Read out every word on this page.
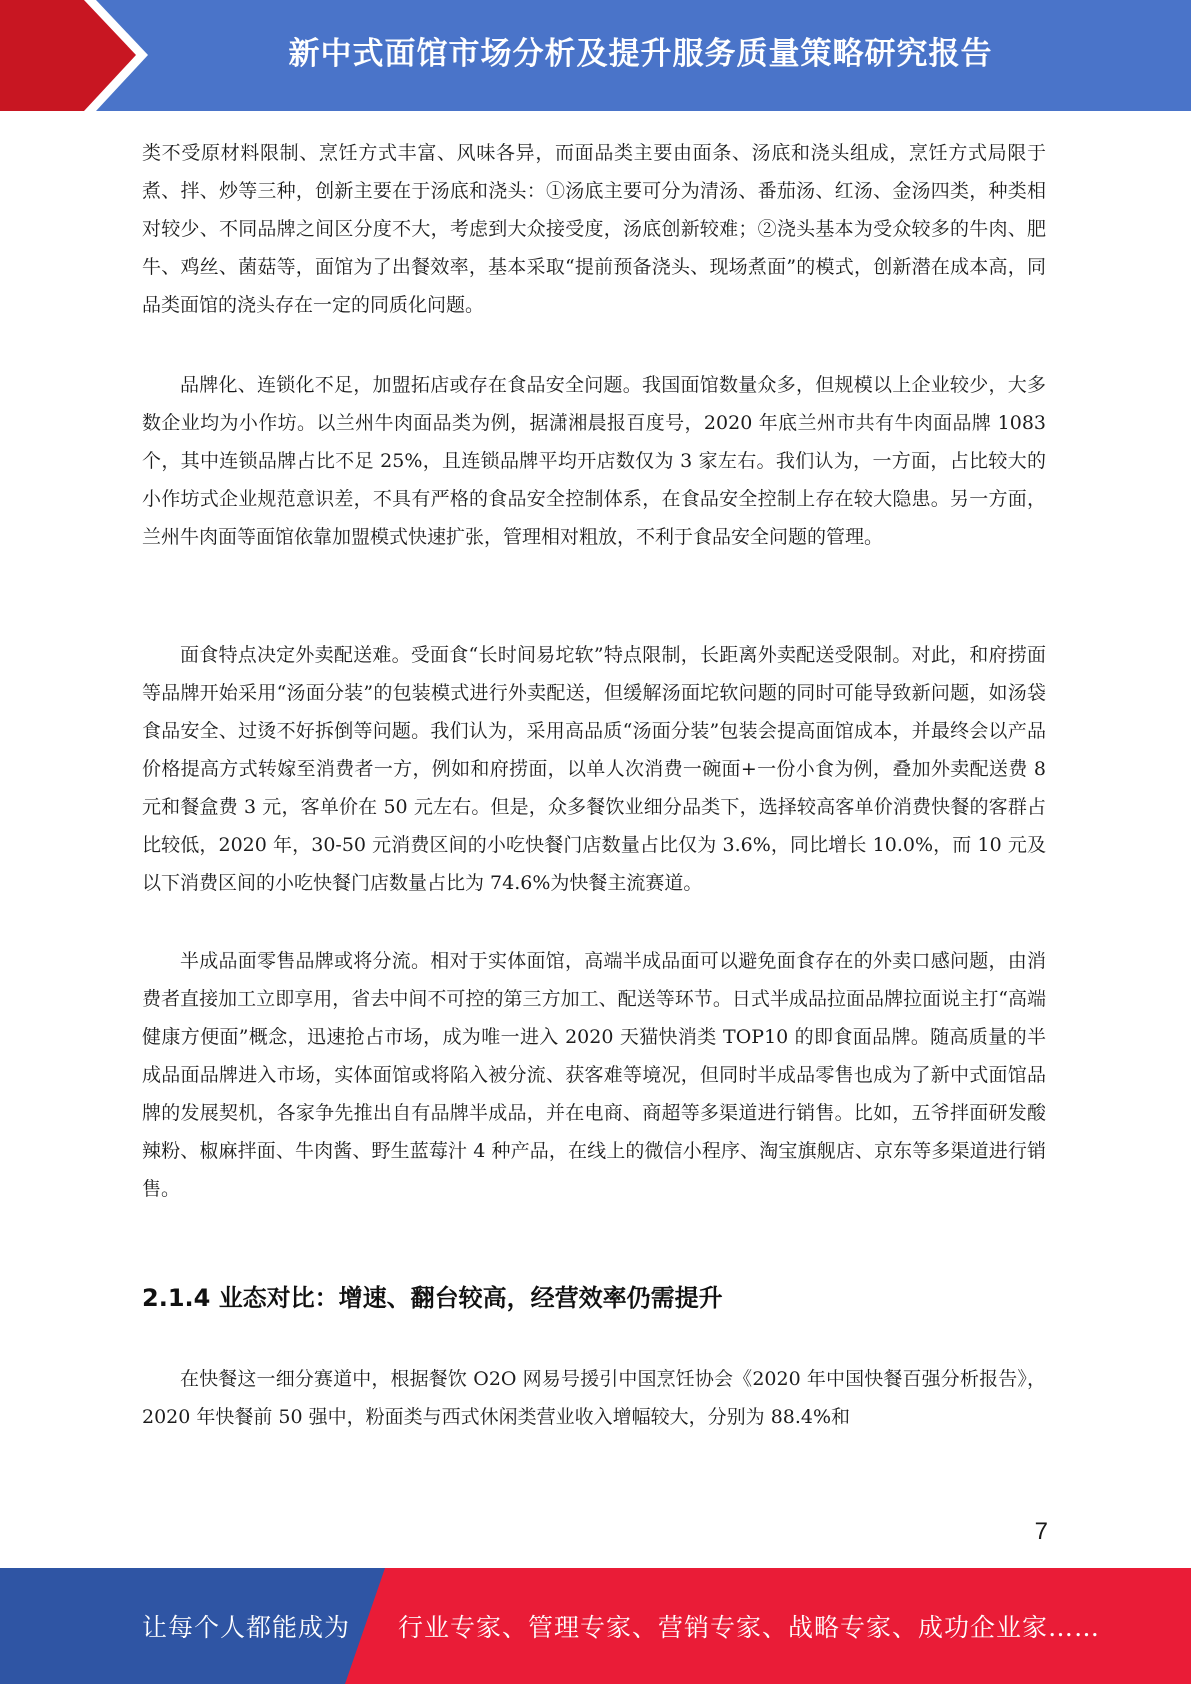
新中式面馆市场分析及提升服务质量策略研究报告

类不受原材料限制、烹饪方式丰富、风味各异，而面品类主要由面条、汤底和浇头组成，烹饪方式局限于煮、拌、炒等三种，创新主要在于汤底和浇头：①汤底主要可分为清汤、番茄汤、红汤、金汤四类，种类相对较少、不同品牌之间区分度不大，考虑到大众接受度，汤底创新较难；②浇头基本为受众较多的牛肉、肥牛、鸡丝、菌菇等，面馆为了出餐效率，基本采取“提前预备浇头、现场煮面”的模式，创新潜在成本高，同品类面馆的浇头存在一定的同质化问题。

品牌化、连锁化不足，加盟拓店或存在食品安全问题。我国面馆数量众多，但规模以上企业较少，大多数企业均为小作坊。以兰州牛肉面品类为例，据潇湘晨报百度号，2020 年底兰州市共有牛肉面品牌 1083 个，其中连锁品牌占比不足 25%，且连锁品牌平均开店数仅为 3 家左右。我们认为，一方面，占比较大的小作坊式企业规范意识差，不具有严格的食品安全控制体系，在食品安全控制上存在较大隐患。另一方面，兰州牛肉面等面馆依靠加盟模式快速扩张，管理相对粗放，不利于食品安全问题的管理。

面食特点决定外卖配送难。受面食“长时间易坨软”特点限制，长距离外卖配送受限制。对此，和府捞面等品牌开始采用“汤面分装”的包装模式进行外卖配送，但缓解汤面坨软问题的同时可能导致新问题，如汤袋食品安全、过烫不好拆倒等问题。我们认为，采用高品质“汤面分装”包装会提高面馆成本，并最终会以产品价格提高方式转嫁至消费者一方，例如和府捞面，以单人次消费一碗面+一份小食为例，叠加外卖配送费 8 元和餐盒费 3 元，客单价在 50 元左右。但是，众多餐饮业细分品类下，选择较高客单价消费快餐的客群占比较低，2020 年，30-50 元消费区间的小吃快餐门店数量占比仅为 3.6%，同比增长 10.0%，而 10 元及以下消费区间的小吃快餐门店数量占比为 74.6%为快餐主流赛道。

半成品面零售品牌或将分流。相对于实体面馆，高端半成品面可以避免面食存在的外卖口感问题，由消费者直接加工立即享用，省去中间不可控的第三方加工、配送等环节。日式半成品拉面品牌拉面说主打“高端健康方便面”概念，迅速抢占市场，成为唯一进入 2020 天猫快消类 TOP10 的即食面品牌。随高质量的半成品面品牌进入市场，实体面馆或将陷入被分流、获客难等境况，但同时半成品零售也成为了新中式面馆品牌的发展契机，各家争先推出自有品牌半成品，并在电商、商超等多渠道进行销售。比如，五爷拌面研发酸辣粉、椒麻拌面、牛肉酱、野生蓝莓汁 4 种产品，在线上的微信小程序、淘宝旗舰店、京东等多渠道进行销售。

2.1.4 业态对比：增速、翻台较高，经营效率仍需提升

在快餐这一细分赛道中，根据餐饮 O2O 网易号援引中国烹饪协会《2020 年中国快餐百强分析报告》，2020 年快餐前 50 强中，粉面类与西式休闲类营业收入增幅较大，分别为 88.4%和

7
让每个人都能成为 行业专家、管理专家、营销专家、战略专家、成功企业家……
